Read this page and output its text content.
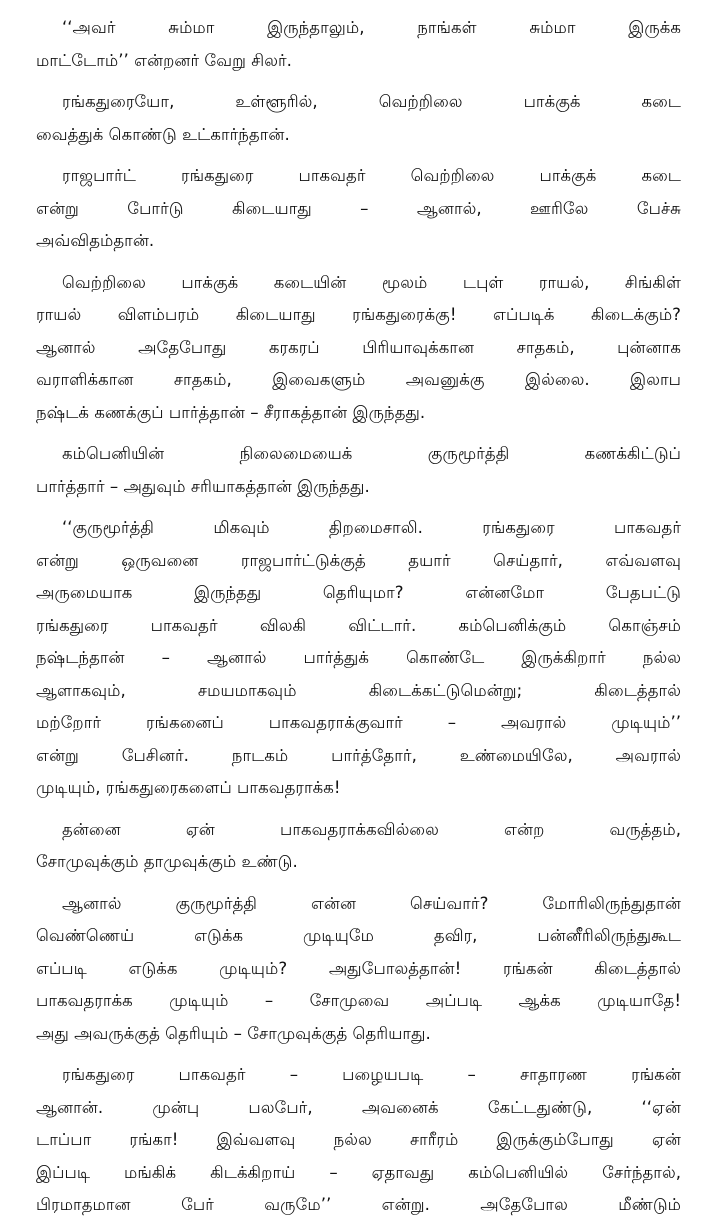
‘‘அவர் சும்மா இருந்தாலும், நாங்கள் சும்மா இருக்க
மாட்டோம்’’ என்றனர் வேறு சிலர்.
ரங்கதுரையோ, உள்ளூரில், வெற்றிலை பாக்குக் கடை
வைத்துக் கொண்டு உட்கார்ந்தான்.
ராஜபார்ட் ரங்கதுரை பாகவதர் வெற்றிலை பாக்குக் கடை
என்று போர்டு கிடையாது – ஆனால், ஊரிலே பேச்சு
அவ்விதம்தான்.
வெற்றிலை பாக்குக் கடையின் மூலம் டபுள் ராயல், சிங்கிள்
ராயல் விளம்பரம் கிடையாது ரங்கதுரைக்கு! எப்படிக் கிடைக்கும்?
ஆனால் அதேபோது கரகரப் பிரியாவுக்கான சாதகம், புன்னாக
வராளிக்கான சாதகம், இவைகளும் அவனுக்கு இல்லை. இலாப
நஷ்டக் கணக்குப் பார்த்தான் – சீராகத்தான் இருந்தது.
கம்பெனியின் நிலைமையைக் குருமூர்த்தி கணக்கிட்டுப்
பார்த்தார் – அதுவும் சரியாகத்தான் இருந்தது.
‘‘குருமூர்த்தி மிகவும் திறமைசாலி. ரங்கதுரை பாகவதர்
என்று ஒருவனை ராஜபார்ட்டுக்குத் தயார் செய்தார், எவ்வளவு
அருமையாக இருந்தது தெரியுமா? என்னமோ பேதபட்டு
ரங்கதுரை பாகவதர் விலகி விட்டார். கம்பெனிக்கும் கொஞ்சம்
நஷ்டந்தான் – ஆனால் பார்த்துக் கொண்டே இருக்கிறார் நல்ல
ஆளாகவும், சமயமாகவும் கிடைக்கட்டுமென்று; கிடைத்தால்
மற்றோர் ரங்கனைப் பாகவதராக்குவார் – அவரால் முடியும்’’
என்று பேசினர். நாடகம் பார்த்தோர், உண்மையிலே, அவரால்
முடியும், ரங்கதுரைகளைப் பாகவதராக்க!
தன்னை ஏன் பாகவதராக்கவில்லை என்ற வருத்தம்,
சோமுவுக்கும் தாமுவுக்கும் உண்டு.
ஆனால் குருமூர்த்தி என்ன செய்வார்? மோரிலிருந்துதான்
வெண்ணெய் எடுக்க முடியுமே தவிர, பன்னீரிலிருந்துகூட
எப்படி எடுக்க முடியும்? அதுபோலத்தான்! ரங்கன் கிடைத்தால்
பாகவதராக்க முடியும் – சோமுவை அப்படி ஆக்க முடியாதே!
அது அவருக்குத் தெரியும் – சோமுவுக்குத் தெரியாது.
ரங்கதுரை பாகவதர் – பழையபடி – சாதாரண ரங்கன்
ஆனான். முன்பு பலபேர், அவனைக் கேட்டதுண்டு, ‘‘ஏன்
டாப்பா ரங்கா! இவ்வளவு நல்ல சாரீரம் இருக்கும்போது ஏன்
இப்படி மங்கிக் கிடக்கிறாய் – ஏதாவது கம்பெனியில் சேர்ந்தால்,
பிரமாதமான பேர் வருமே’’ என்று. அதேபோல மீண்டும்
